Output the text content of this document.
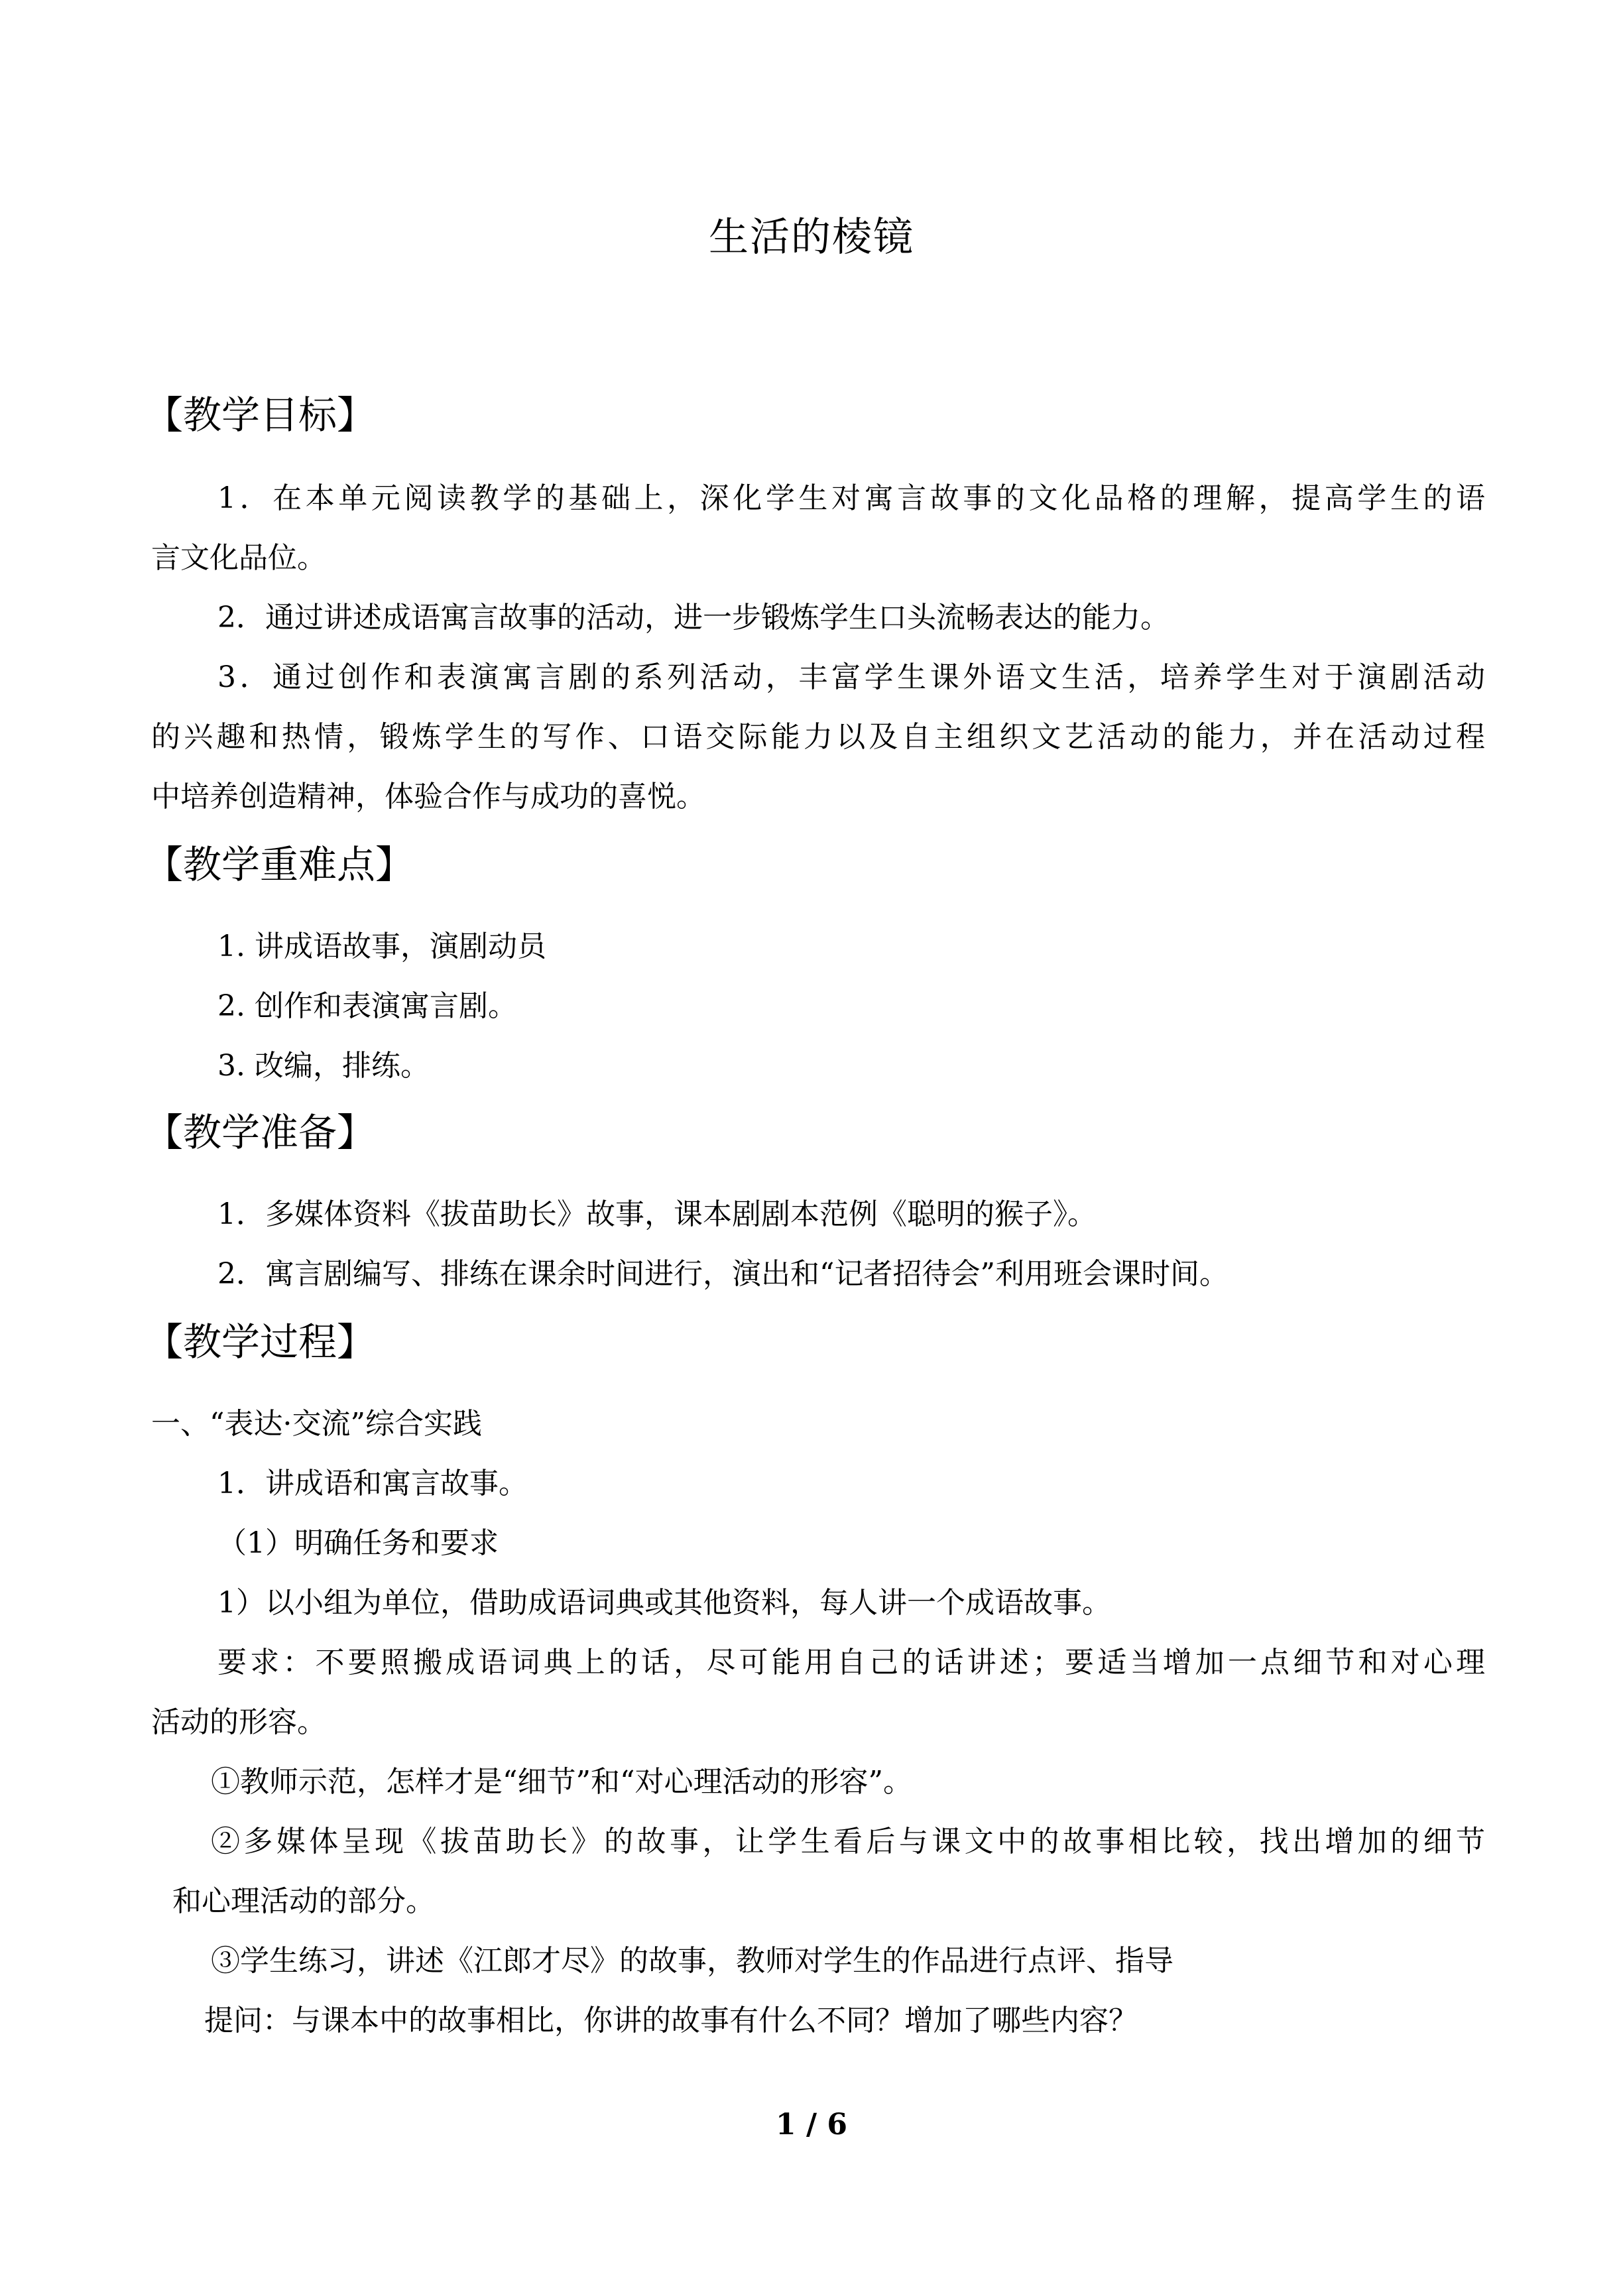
生活的棱镜
【教学目标】
1．在本单元阅读教学的基础上，深化学生对寓言故事的文化品格的理解，提高学生的语
言文化品位。
2．通过讲述成语寓言故事的活动，进一步锻炼学生口头流畅表达的能力。
3．通过创作和表演寓言剧的系列活动，丰富学生课外语文生活，培养学生对于演剧活动
的兴趣和热情，锻炼学生的写作、口语交际能力以及自主组织文艺活动的能力，并在活动过程
中培养创造精神，体验合作与成功的喜悦。
【教学重难点】
1. 讲成语故事，演剧动员
2. 创作和表演寓言剧。
3. 改编，排练。
【教学准备】
1．多媒体资料《拔苗助长》故事，课本剧剧本范例《聪明的猴子》。
2．寓言剧编写、排练在课余时间进行，演出和“记者招待会”利用班会课时间。
【教学过程】
一、“表达·交流”综合实践
1．讲成语和寓言故事。
（1）明确任务和要求
1）以小组为单位，借助成语词典或其他资料，每人讲一个成语故事。
要求：不要照搬成语词典上的话，尽可能用自己的话讲述；要适当增加一点细节和对心理
活动的形容。
①教师示范，怎样才是“细节”和“对心理活动的形容”。
②多媒体呈现《拔苗助长》的故事，让学生看后与课文中的故事相比较，找出增加的细节
和心理活动的部分。
③学生练习，讲述《江郎才尽》的故事，教师对学生的作品进行点评、指导
提问：与课本中的故事相比，你讲的故事有什么不同？增加了哪些内容？
1 / 6
